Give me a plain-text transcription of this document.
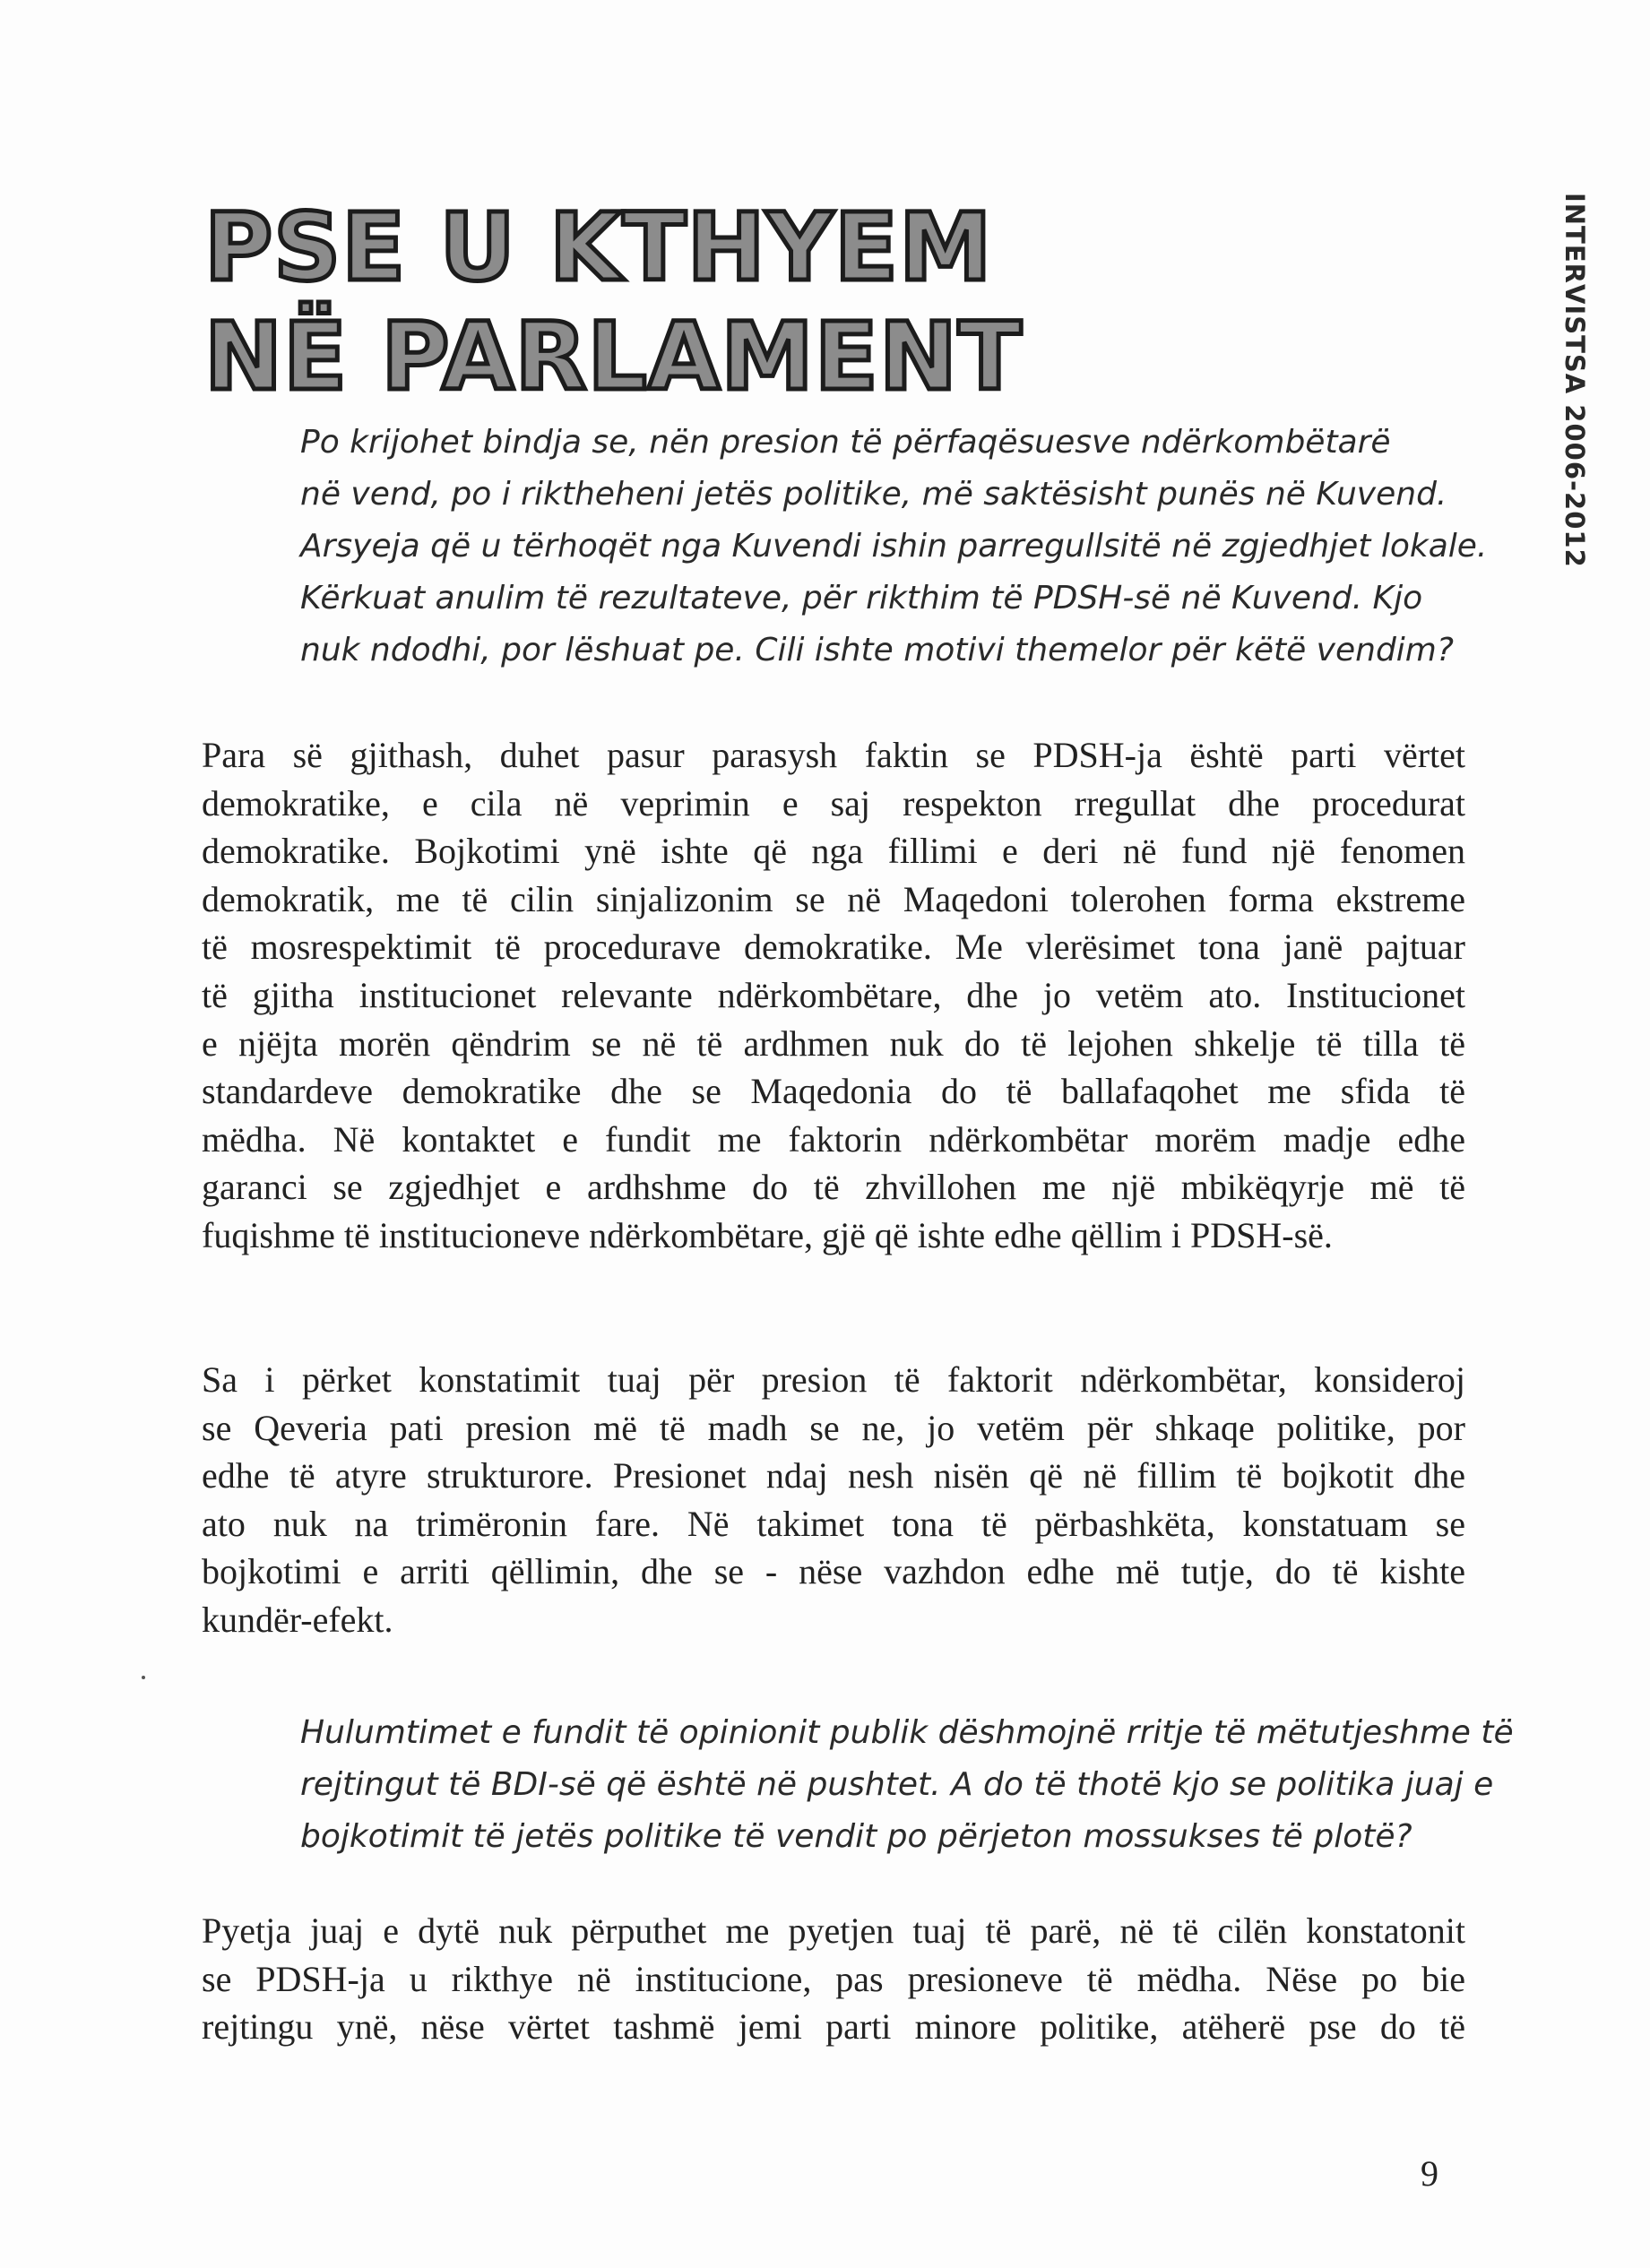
PSE U KTHYEM
NË PARLAMENT	INTERVISTSA 2006-2012

Po krijohet bindja se, nën presion të përfaqësuesve ndërkombëtarë
në vend, po i riktheheni jetës politike, më saktësisht punës në Kuvend.
Arsyeja që u tërhoqët nga Kuvendi ishin parregullsitë në zgjedhjet lokale.
Kërkuat anulim të rezultateve, për rikthim të PDSH-së në Kuvend. Kjo
nuk ndodhi, por lëshuat pe. Cili ishte motivi themelor për këtë vendim?

Para së gjithash, duhet pasur parasysh faktin se PDSH-ja është parti vërtet
demokratike, e cila në veprimin e saj respekton rregullat dhe procedurat
demokratike. Bojkotimi ynë ishte që nga fillimi e deri në fund një fenomen
demokratik, me të cilin sinjalizonim se në Maqedoni tolerohen forma ekstreme
të mosrespektimit të procedurave demokratike. Me vlerësimet tona janë pajtuar
të gjitha institucionet relevante ndërkombëtare, dhe jo vetëm ato. Institucionet
e njëjta morën qëndrim se në të ardhmen nuk do të lejohen shkelje të tilla të
standardeve demokratike dhe se Maqedonia do të ballafaqohet me sfida të
mëdha. Në kontaktet e fundit me faktorin ndërkombëtar morëm madje edhe
garanci se zgjedhjet e ardhshme do të zhvillohen me një mbikëqyrje më të
fuqishme të institucioneve ndërkombëtare, gjë që ishte edhe qëllim i PDSH-së.

Sa i përket konstatimit tuaj për presion të faktorit ndërkombëtar, konsideroj
se Qeveria pati presion më të madh se ne, jo vetëm për shkaqe politike, por
edhe të atyre strukturore. Presionet ndaj nesh nisën që në fillim të bojkotit dhe
ato nuk na trimëronin fare. Në takimet tona të përbashkëta, konstatuam se
bojkotimi e arriti qëllimin, dhe se - nëse vazhdon edhe më tutje, do të kishte
kundër-efekt.

Hulumtimet e fundit të opinionit publik dëshmojnë rritje të mëtutjeshme të
rejtingut të BDI-së që është në pushtet. A do të thotë kjo se politika juaj e
bojkotimit të jetës politike të vendit po përjeton mossukses të plotë?

Pyetja juaj e dytë nuk përputhet me pyetjen tuaj të parë, në të cilën konstatonit
se PDSH-ja u rikthye në institucione, pas presioneve të mëdha. Nëse po bie
rejtingu ynë, nëse vërtet tashmë jemi parti minore politike, atëherë pse do të

9
